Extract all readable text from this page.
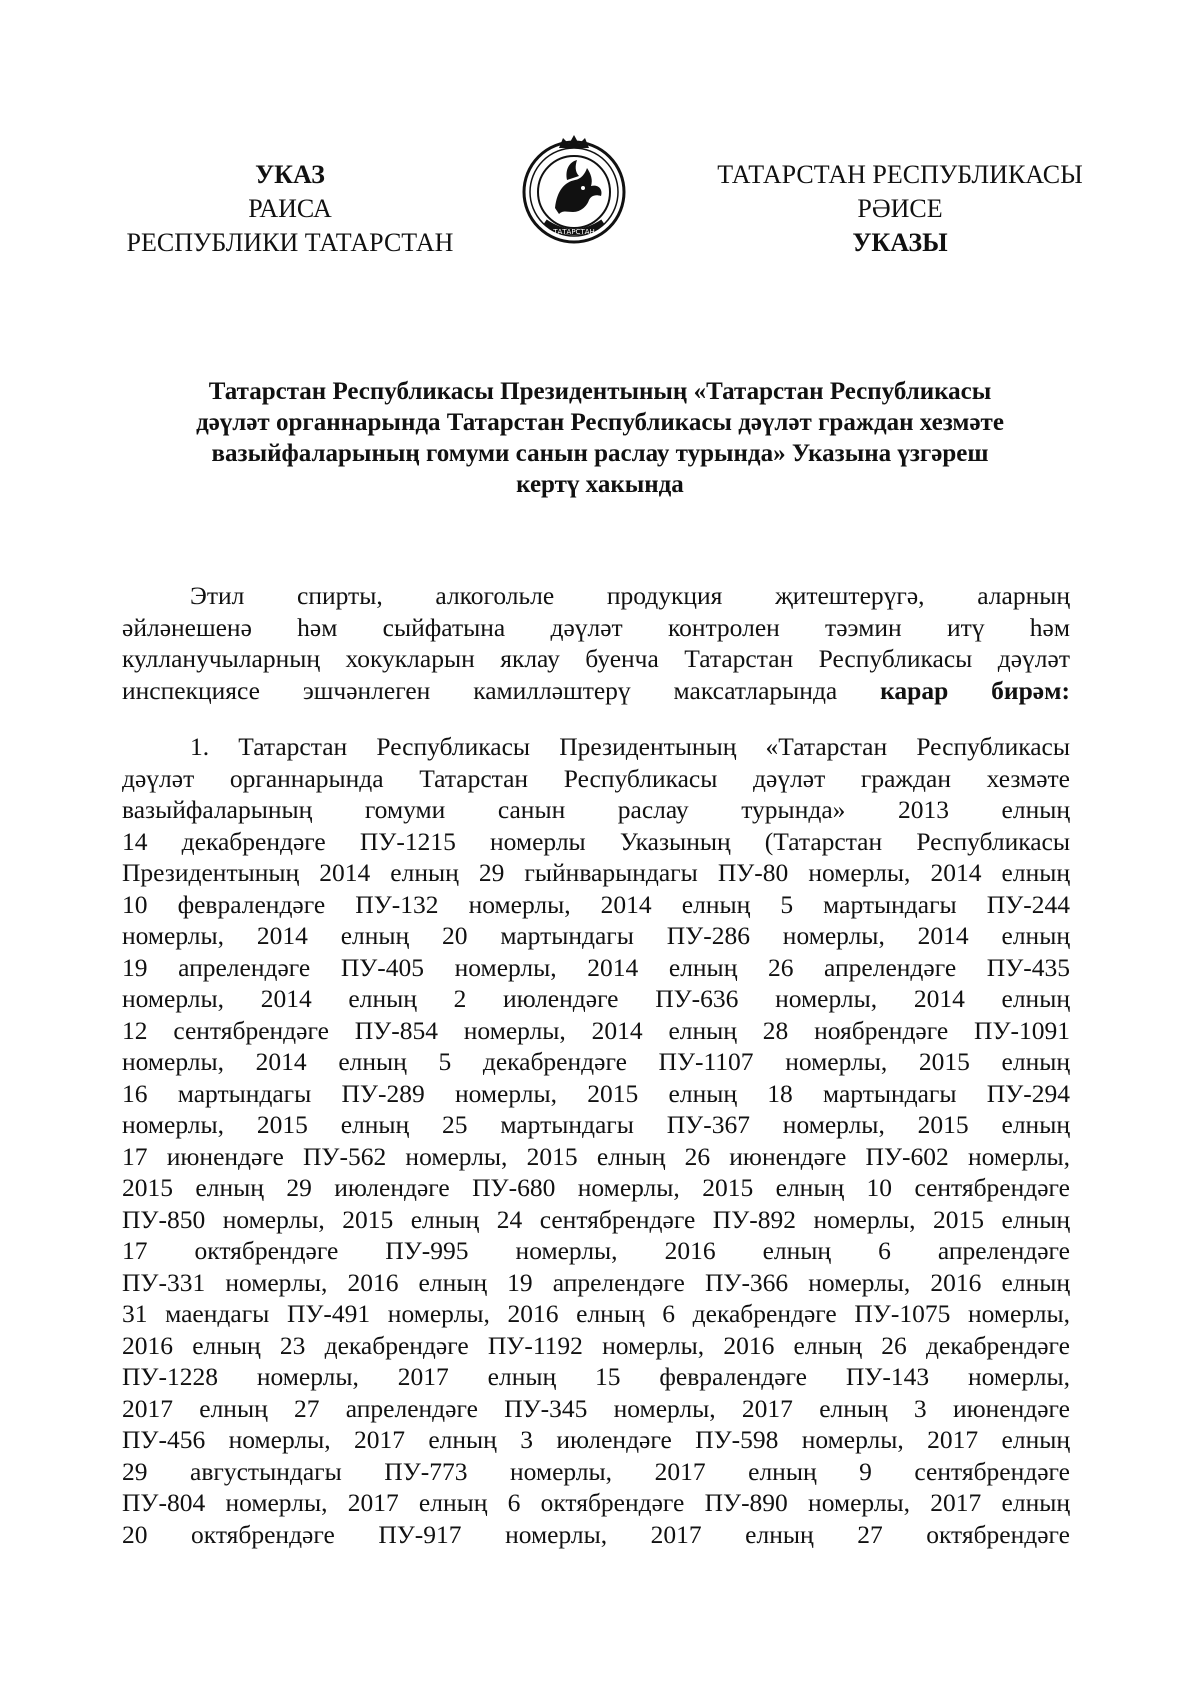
УКАЗ
РАИСА
РЕСПУБЛИКИ ТАТАРСТАН	ТАТАРСТАН
ТАТАРСТАН РЕСПУБЛИКАСЫ
РӘИСЕ
УКАЗЫ
Татарстан Республикасы Президентының «Татарстан Республикасы
дәүләт органнарында Татарстан Республикасы дәүләт граждан хезмәте
вазыйфаларының гомуми санын раслау турында» Указына үзгәреш
кертү хакында
Этил спирты, алкогольле продукция җитештерүгә, аларның
әйләнешенә һәм сыйфатына дәүләт контролен тәэмин итү һәм
кулланучыларның хокукларын яклау буенча Татарстан Республикасы дәүләт
инспекциясе эшчәнлеген камилләштерү максатларында карар бирәм:
1. Татарстан Республикасы Президентының «Татарстан Республикасы
дәүләт органнарында Татарстан Республикасы дәүләт граждан хезмәте
вазыйфаларының гомуми санын раслау турында» 2013 елның
14 декабрендәге ПУ-1215 номерлы Указының (Татарстан Республикасы
Президентының 2014 елның 29 гыйнварындагы ПУ-80 номерлы, 2014 елның
10 февралендәге ПУ-132 номерлы, 2014 елның 5 мартындагы ПУ-244
номерлы, 2014 елның 20 мартындагы ПУ-286 номерлы, 2014 елның
19 апрелендәге ПУ-405 номерлы, 2014 елның 26 апрелендәге ПУ-435
номерлы, 2014 елның 2 июлендәге ПУ-636 номерлы, 2014 елның
12 сентябрендәге ПУ-854 номерлы, 2014 елның 28 ноябрендәге ПУ-1091
номерлы, 2014 елның 5 декабрендәге ПУ-1107 номерлы, 2015 елның
16 мартындагы ПУ-289 номерлы, 2015 елның 18 мартындагы ПУ-294
номерлы, 2015 елның 25 мартындагы ПУ-367 номерлы, 2015 елның
17 июнендәге ПУ-562 номерлы, 2015 елның 26 июнендәге ПУ-602 номерлы,
2015 елның 29 июлендәге ПУ-680 номерлы, 2015 елның 10 сентябрендәге
ПУ-850 номерлы, 2015 елның 24 сентябрендәге ПУ-892 номерлы, 2015 елның
17 октябрендәге ПУ-995 номерлы, 2016 елның 6 апрелендәге
ПУ-331 номерлы, 2016 елның 19 апрелендәге ПУ-366 номерлы, 2016 елның
31 маендагы ПУ-491 номерлы, 2016 елның 6 декабрендәге ПУ-1075 номерлы,
2016 елның 23 декабрендәге ПУ-1192 номерлы, 2016 елның 26 декабрендәге
ПУ-1228 номерлы, 2017 елның 15 февралендәге ПУ-143 номерлы,
2017 елның 27 апрелендәге ПУ-345 номерлы, 2017 елның 3 июнендәге
ПУ-456 номерлы, 2017 елның 3 июлендәге ПУ-598 номерлы, 2017 елның
29 августындагы ПУ-773 номерлы, 2017 елның 9 сентябрендәге
ПУ-804 номерлы, 2017 елның 6 октябрендәге ПУ-890 номерлы, 2017 елның
20 октябрендәге ПУ-917 номерлы, 2017 елның 27 октябрендәге
